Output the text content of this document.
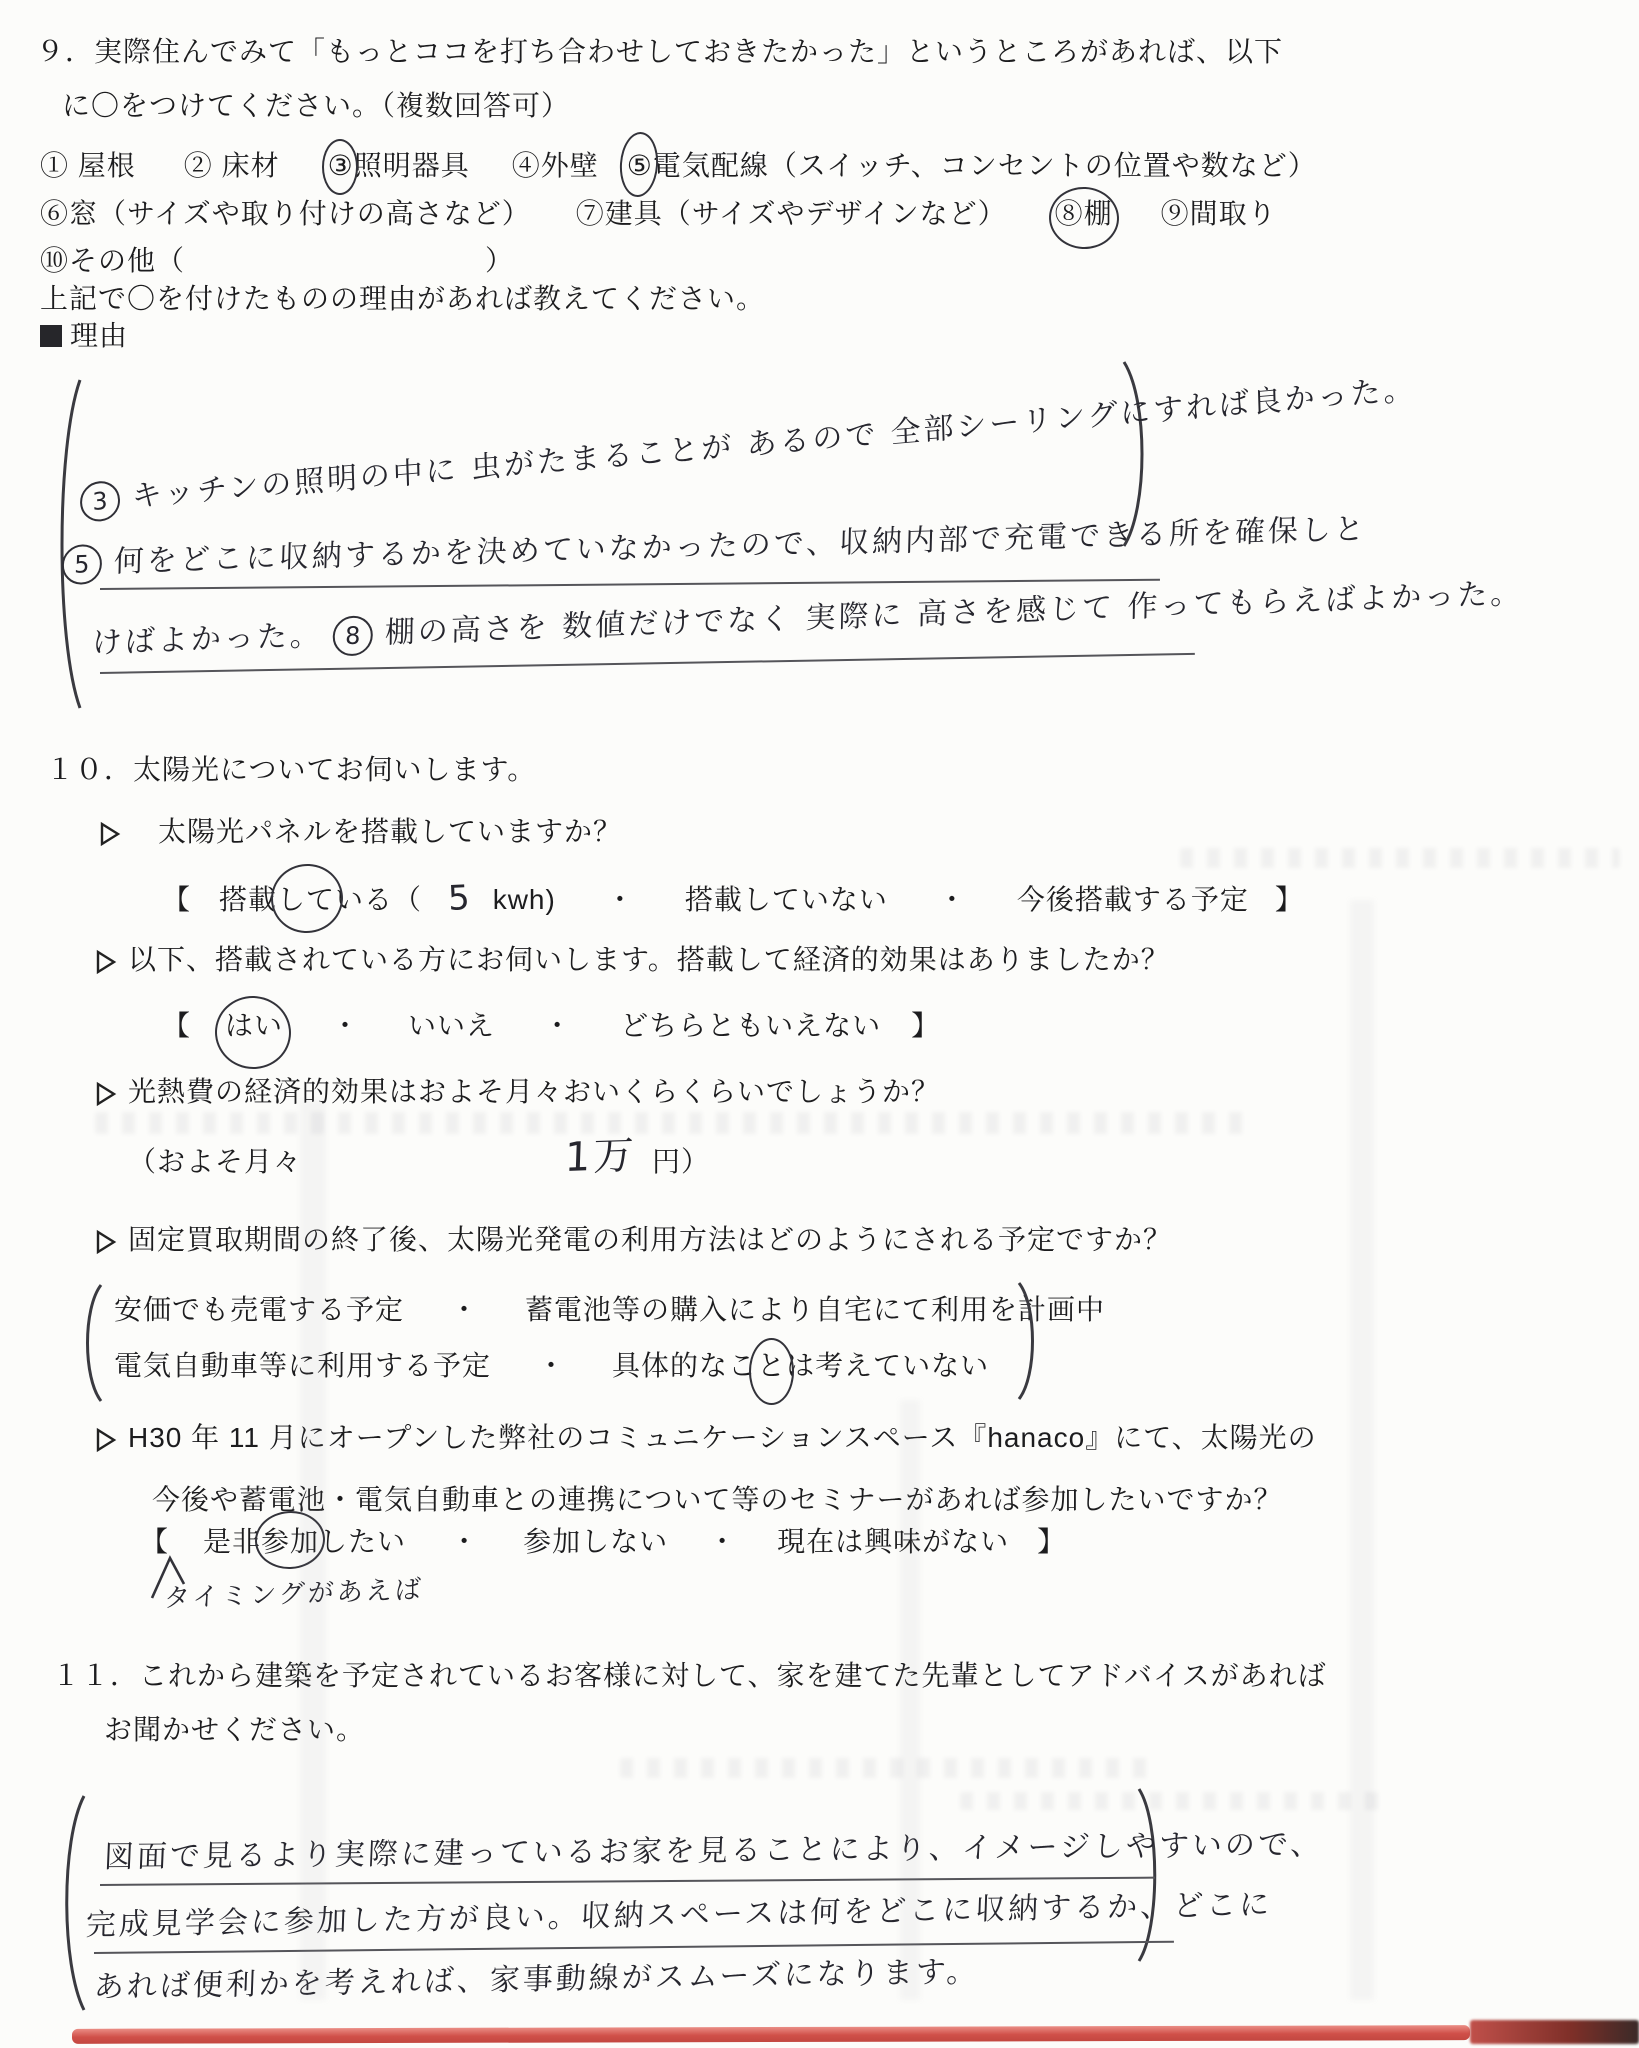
９．実際住んでみて「もっとココを打ち合わせしておきたかった」というところがあれば、以下
に〇をつけてください。（複数回答可）
① 屋根 ② 床材 ③照明器具 ④外壁 ⑤電気配線（スイッチ、コンセントの位置や数など）
⑥窓（サイズや取り付けの高さなど） ⑦建具（サイズやデザインなど） ⑧棚 ⑨間取り
⑩その他（	）
上記で〇を付けたものの理由があれば教えてください。
理由
3 キッチンの照明の中に 虫がたまることが あるので 全部シーリングにすれば良かった。
5 何をどこに収納するかを決めていなかったので、収納内部で充電できる所を確保しと
けばよかった。 8 棚の高さを 数値だけでなく 実際に 高さを感じて 作ってもらえばよかった。
１０．太陽光についてお伺いします。
太陽光パネルを搭載していますか？
【 搭載
している（ 5 kwh) ・ 搭載していない ・ 今後搭載する予定 】
以下、搭載されている方にお伺いします。搭載して経済的効果はありましたか？
【 はい ・ いいえ ・ どちらともいえない 】
光熱費の経済的効果はおよそ月々おいくらくらいでしょうか？
（およそ月々	1万 円）
固定買取期間の終了後、太陽光発電の利用方法はどのようにされる予定ですか？
安価でも売電する予定 ・ 蓄電池等の購入により自宅にて利用を計画中
電気自動車等に利用する予定 ・ 具体的なこ
とは考えていない
H30 年 11 月にオープンした弊社のコミュニケーションスペース『hanaco』にて、太陽光の
今後や蓄電池・電気自動車との連携について等のセミナーがあれば参加したいですか？
【 是非
参加したい ・ 参加しない ・ 現在は興味がない 】
タイミングがあえば
１１．これから建築を予定されているお客様に対して、家を建てた先輩としてアドバイスがあれば
お聞かせください。
図面で見るより実際に建っているお家を見ることにより、イメージしやすいので、
完成見学会に参加した方が良い。収納スペースは何をどこに収納するか、どこに
あれば便利かを考えれば、家事動線がスムーズになります。
